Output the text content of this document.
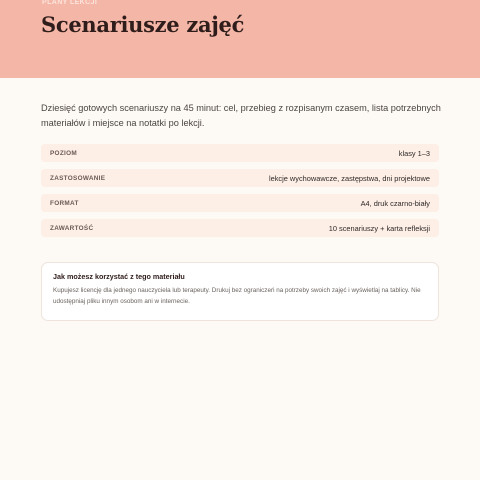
PLANY LEKCJI
Scenariusze zajęć
Dziesięć gotowych scenariuszy na 45 minut: cel, przebieg z rozpisanym czasem, lista potrzebnych materiałów i miejsce na notatki po lekcji.
POZIOM	klasy 1–3
ZASTOSOWANIE	lekcje wychowawcze, zastępstwa, dni projektowe
FORMAT	A4, druk czarno-biały
ZAWARTOŚĆ	10 scenariuszy + karta refleksji
Jak możesz korzystać z tego materiału
Kupujesz licencję dla jednego nauczyciela lub terapeuty. Drukuj bez ograniczeń na potrzeby swoich zajęć i wyświetlaj na tablicy. Nie udostępniaj pliku innym osobom ani w internecie.
